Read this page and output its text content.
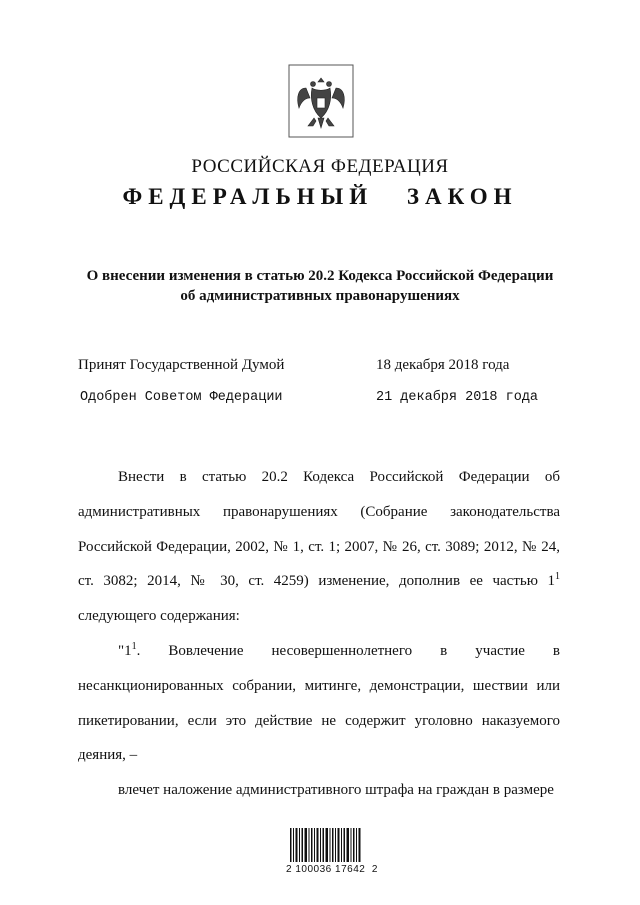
РОССИЙСКАЯ ФЕДЕРАЦИЯ
ФЕДЕРАЛЬНЫЙ ЗАКОН
О внесении изменения в статью 20.2 Кодекса Российской Федерации
об административных правонарушениях
Принят Государственной Думой	18 декабря 2018 года
Одобрен Советом Федерации	21 декабря 2018 года

Внести в статью 20.2 Кодекса Российской Федерации об административных правонарушениях (Собрание законодательства Российской Федерации, 2002, № 1, ст. 1; 2007, № 26, ст. 3089; 2012, № 24, ст. 3082; 2014, № 30, ст. 4259) изменение, дополнив ее частью $1^1$ следующего содержания:

"$1^1$. Вовлечение несовершеннолетнего в участие в несанкционированных собрании, митинге, демонстрации, шествии или пикетировании, если это действие не содержит уголовно наказуемого деяния, –

влечет наложение административного штрафа на граждан в размере

2 100036 17642  2
